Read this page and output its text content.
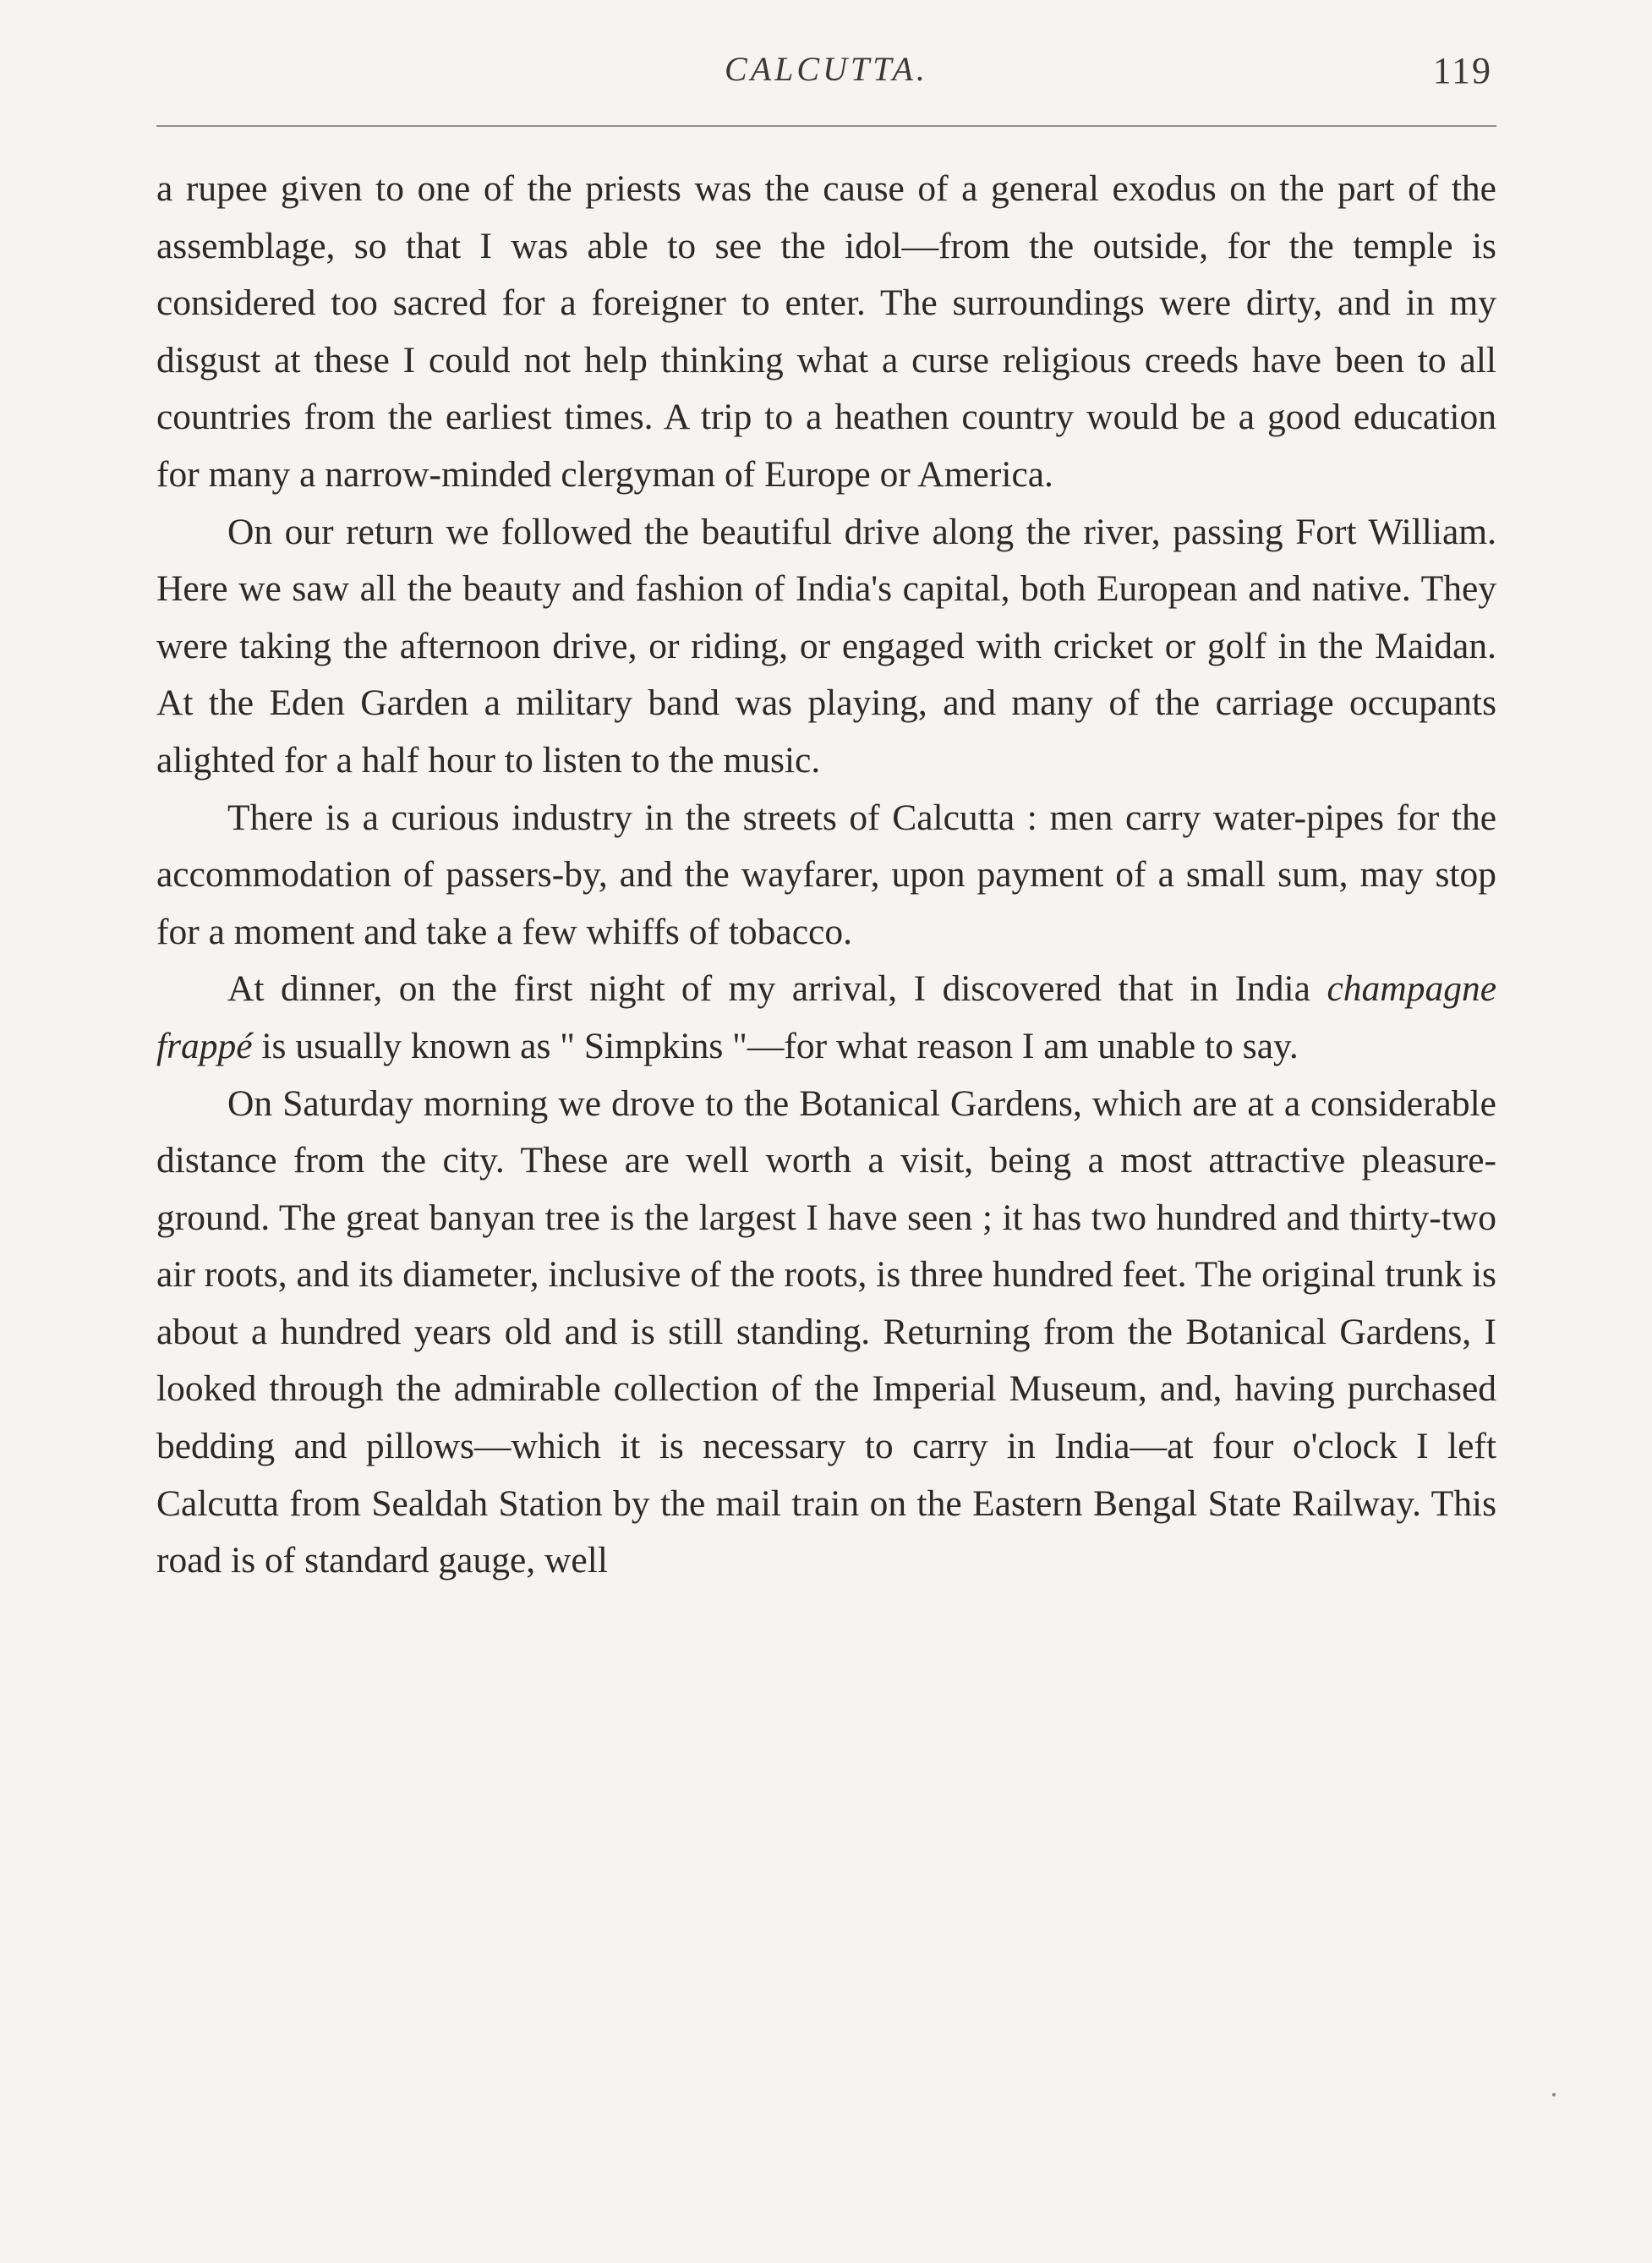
CALCUTTA.	119

a rupee given to one of the priests was the cause of a general exodus on the part of the assemblage, so that I was able to see the idol—from the outside, for the temple is considered too sacred for a foreigner to enter. The surroundings were dirty, and in my disgust at these I could not help thinking what a curse religious creeds have been to all countries from the earliest times. A trip to a heathen country would be a good education for many a narrow-minded clergyman of Europe or America.

On our return we followed the beautiful drive along the river, passing Fort William. Here we saw all the beauty and fashion of India's capital, both European and native. They were taking the afternoon drive, or riding, or engaged with cricket or golf in the Maidan. At the Eden Garden a military band was playing, and many of the carriage occupants alighted for a half hour to listen to the music.

There is a curious industry in the streets of Calcutta : men carry water-pipes for the accommodation of passers-by, and the wayfarer, upon payment of a small sum, may stop for a moment and take a few whiffs of tobacco.

At dinner, on the first night of my arrival, I discovered that in India champagne frappé is usually known as " Simpkins "—for what reason I am unable to say.

On Saturday morning we drove to the Botanical Gardens, which are at a considerable distance from the city. These are well worth a visit, being a most attractive pleasure-ground. The great banyan tree is the largest I have seen ; it has two hundred and thirty-two air roots, and its diameter, inclusive of the roots, is three hundred feet. The original trunk is about a hundred years old and is still standing. Returning from the Botanical Gardens, I looked through the admirable collection of the Imperial Museum, and, having purchased bedding and pillows—which it is necessary to carry in India—at four o'clock I left Calcutta from Sealdah Station by the mail train on the Eastern Bengal State Railway. This road is of standard gauge, well
